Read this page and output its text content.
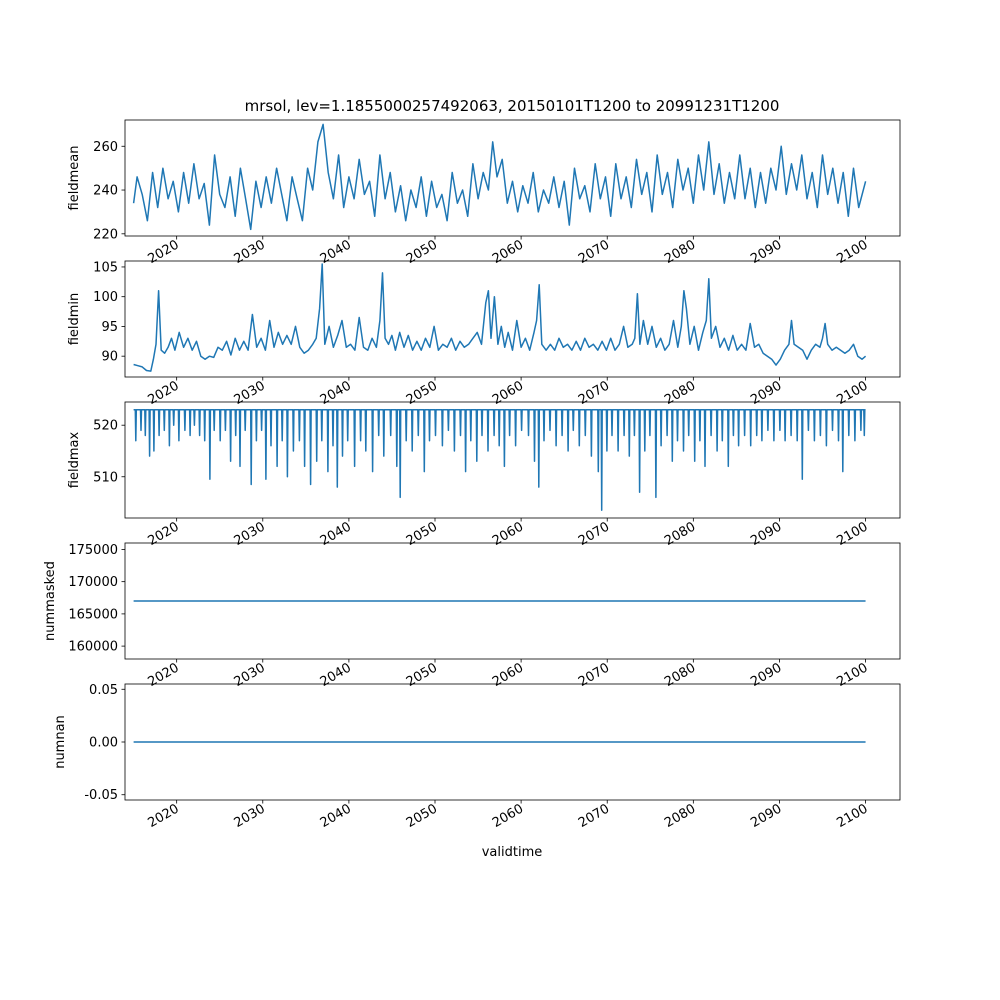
mrsol, lev=1.1855000257492063, 20150101T1200 to 20991231T1200
220
240
260
fieldmean
2020	2030	2040	2050	2060	2070	2080	2090	2100
90
95
100
105
fieldmin
2020	2030	2040	2050	2060	2070	2080	2090	2100
510
520
fieldmax
2020	2030	2040	2050	2060	2070	2080	2090	2100
160000
165000
170000
175000
nummasked
2020	2030	2040	2050	2060	2070	2080	2090	2100
-0.05
0.00
0.05
numnan
2020	2030	2040	2050	2060	2070	2080	2090	2100
validtime
